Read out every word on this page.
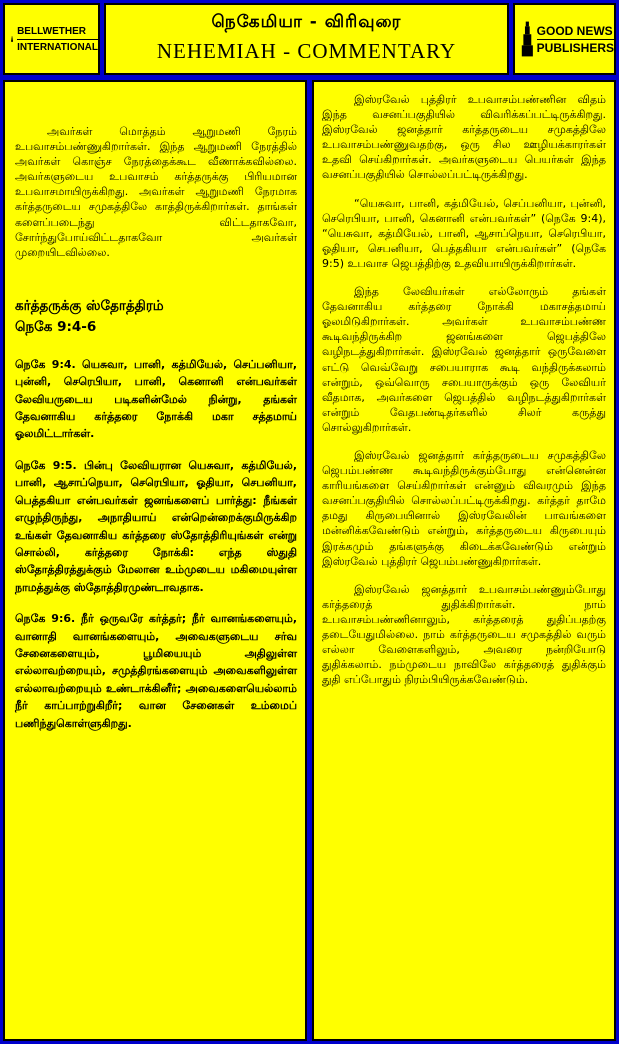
BELLWETHER
INTERNATIONAL
நெகேமியா - விரிவுரை
NEHEMIAH - COMMENTARY
GOOD NEWS
PUBLISHERS

அவர்கள் மொத்தம் ஆறுமணி நேரம் உபவாசம்பண்ணுகிறார்கள். இந்த ஆறுமணி நேரத்தில் அவர்கள் கொஞ்ச நேரத்தைக்கூட வீணாக்கவில்லை. அவர்களுடைய உபவாசம் கர்த்தருக்கு பிரியமான உபவாசமாயிருக்கிறது. அவர்கள் ஆறுமணி நேரமாக கர்த்தருடைய சமுகத்திலே காத்திருக்கிறார்கள். தாங்கள் களைப்படைந்து விட்டதாகவோ, சோர்ந்துபோய்விட்டதாகவோ அவர்கள் முறையிடவில்லை.

கர்த்தருக்கு ஸ்தோத்திரம்
நெகே 9:4-6

நெகே 9:4. யெசுவா, பானி, கத்மியேல், செப்பனியா, புன்னி, செரெபியா, பானி, கெனானி என்பவர்கள் லேவியருடைய படிகளின்மேல் நின்று, தங்கள் தேவனாகிய கர்த்தரை நோக்கி மகா சத்தமாய் ஓலமிட்டார்கள்.

நெகே 9:5. பின்பு லேவியரான யெசுவா, கத்மியேல், பானி, ஆசாப்நெயா, செரெபியா, ஓதியா, செபனியா, பெத்தகியா என்பவர்கள் ஜனங்களைப் பார்த்து: நீங்கள் எழுந்திருந்து, அநாதியாய் என்றென்றைக்குமிருக்கிற உங்கள் தேவனாகிய கர்த்தரை ஸ்தோத்திரியுங்கள் என்று சொல்லி, கர்த்தரை நோக்கி: எந்த ஸ்துதி ஸ்தோத்திரத்துக்கும் மேலான உம்முடைய மகிமையுள்ள நாமத்துக்கு ஸ்தோத்திரமுண்டாவதாக.

நெகே 9:6. நீர் ஒருவரே கர்த்தர்; நீர் வானங்களையும், வானாதி வானங்களையும், அவைகளுடைய சர்வ சேனைகளையும், பூமியையும் அதிலுள்ள எல்லாவற்றையும், சமுத்திரங்களையும் அவைகளிலுள்ள எல்லாவற்றையும் உண்டாக்கினீர்; அவைகளையெல்லாம் நீர் காப்பாற்றுகிறீர்; வான சேனைகள் உம்மைப் பணிந்துகொள்ளுகிறது.

இஸ்ரவேல் புத்திரர் உபவாசம்பண்ணின விதம் இந்த வசனப்பகுதியில் விவரிக்கப்பட்டிருக்கிறது. இஸ்ரவேல் ஜனத்தார் கர்த்தருடைய சமுகத்திலே உபவாசம்பண்ணுவதற்கு, ஒரு சில ஊழியக்காரர்கள் உதவி செய்கிறார்கள். அவர்களுடைய பெயர்கள் இந்த வசனப்பகுதியில் சொல்லப்பட்டிருக்கிறது.

“யெசுவா, பானி, கத்மியேல், செப்பனியா, புன்னி, செரெபியா, பானி, கெனானி என்பவர்கள்” (நெகே 9:4), “யெசுவா, கத்மியேல், பானி, ஆசாப்நெயா, செரெபியா, ஓதியா, செபனியா, பெத்தகியா என்பவர்கள்” (நெகே 9:5) உபவாச ஜெபத்திற்கு உதவியாயிருக்கிறார்கள்.

இந்த லேவியர்கள் எல்லோரும் தங்கள் தேவனாகிய கர்த்தரை நோக்கி மகாசத்தமாய் ஓலமிடுகிறார்கள். அவர்கள் உபவாசம்பண்ண கூடிவந்திருக்கிற ஜனங்களை ஜெபத்திலே வழிநடத்துகிறார்கள். இஸ்ரவேல் ஜனத்தார் ஒருவேளை எட்டு வெவ்வேறு சபையாராக கூடி வந்திருக்கலாம் என்றும், ஒவ்வொரு சபையாருக்கும் ஒரு லேவியர் வீதமாக, அவர்களை ஜெபத்தில் வழிநடத்துகிறார்கள் என்றும் வேதபண்டிதர்களில் சிலர் கருத்து சொல்லுகிறார்கள்.

இஸ்ரவேல் ஜனத்தார் கர்த்தருடைய சமுகத்திலே ஜெபம்பண்ண கூடிவந்திருக்கும்போது என்னென்ன காரியங்களை செய்கிறார்கள் என்னும் விவரமும் இந்த வசனப்பகுதியில் சொல்லப்பட்டிருக்கிறது. கர்த்தர் தாமே தமது கிருபையினால் இஸ்ரவேலின் பாவங்களை மன்னிக்கவேண்டும் என்றும், கர்த்தருடைய கிருபையும் இரக்கமும் தங்களுக்கு கிடைக்கவேண்டும் என்றும் இஸ்ரவேல் புத்திரர் ஜெபம்பண்ணுகிறார்கள்.

இஸ்ரவேல் ஜனத்தார் உபவாசம்பண்ணும்போது கர்த்தரைத் துதிக்கிறார்கள். நாம் உபவாசம்பண்ணினாலும், கர்த்தரைத் துதிப்பதற்கு தடையேதுமில்லை. நாம் கர்த்தருடைய சமுகத்தில் வரும் எல்லா வேளைகளிலும், அவரை நன்றியோடு துதிக்கலாம். நம்முடைய நாவிலே கர்த்தரைத் துதிக்கும் துதி எப்போதும் நிரம்பியிருக்கவேண்டும்.
